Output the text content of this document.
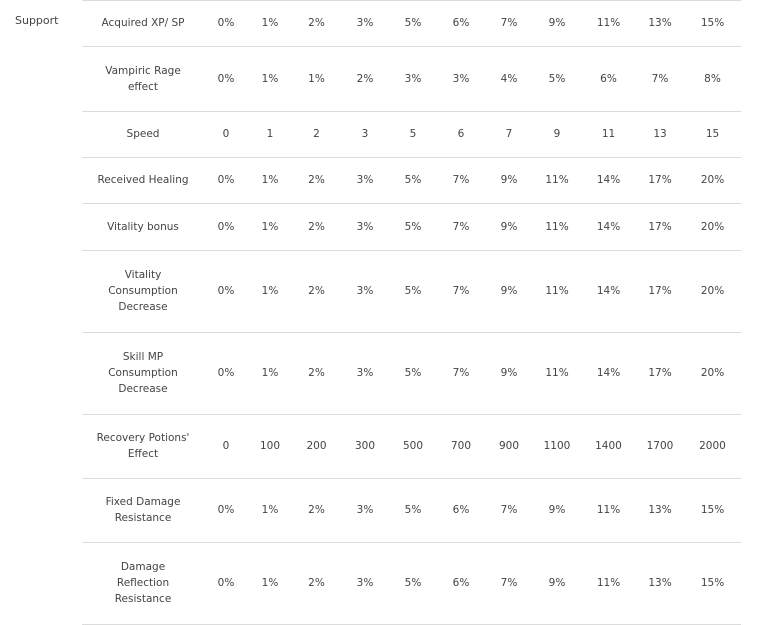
Support	Acquired XP/ SP	0%	1%	2%	3%	5%	6%	7%	9%	11%	13%	15%
Vampiric Rage effect	0%	1%	1%	2%	3%	3%	4%	5%	6%	7%	8%
Speed	0	1	2	3	5	6	7	9	11	13	15
Received Healing	0%	1%	2%	3%	5%	7%	9%	11%	14%	17%	20%
Vitality bonus	0%	1%	2%	3%	5%	7%	9%	11%	14%	17%	20%
Vitality Consumption Decrease	0%	1%	2%	3%	5%	7%	9%	11%	14%	17%	20%
Skill MP Consumption Decrease	0%	1%	2%	3%	5%	7%	9%	11%	14%	17%	20%
Recovery Potions' Effect	0	100	200	300	500	700	900	1100	1400	1700	2000
Fixed Damage Resistance	0%	1%	2%	3%	5%	6%	7%	9%	11%	13%	15%
Damage Reflection Resistance	0%	1%	2%	3%	5%	6%	7%	9%	11%	13%	15%
